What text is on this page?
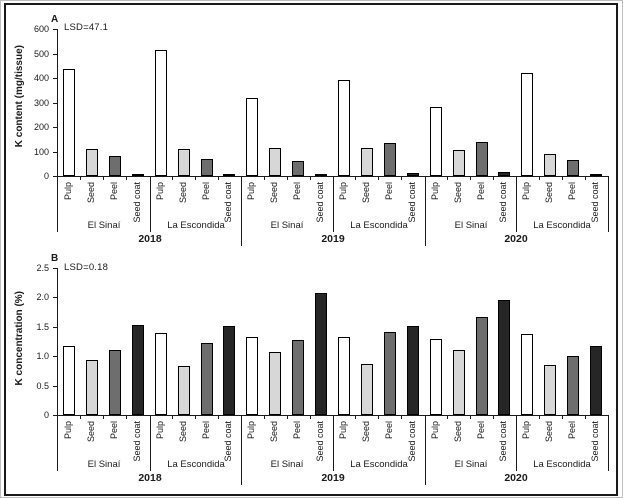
A
LSD=47.1
K content (mg/tissue)
0
100
200
300
400
500
600
Pulp Seed Peel Seed coat
El Sinaí
Pulp Seed Peel Seed coat
La Escondida
Pulp Seed Peel Seed coat
El Sinaí
Pulp Seed Peel Seed coat
La Escondida
Pulp Seed Peel Seed coat
El Sinaí
Pulp Seed Peel Seed coat
La Escondida
2018	2019	2020
B
LSD=0.18
K concentration (%)
0
0.5
1.0
1.5
2.0
2.5
Pulp Seed Peel Seed coat
El Sinaí
Pulp Seed Peel Seed coat
La Escondida
Pulp Seed Peel Seed coat
El Sinaí
Pulp Seed Peel Seed coat
La Escondida
Pulp Seed Peel Seed coat
El Sinaí
Pulp Seed Peel Seed coat
La Escondida
2018	2019	2020
